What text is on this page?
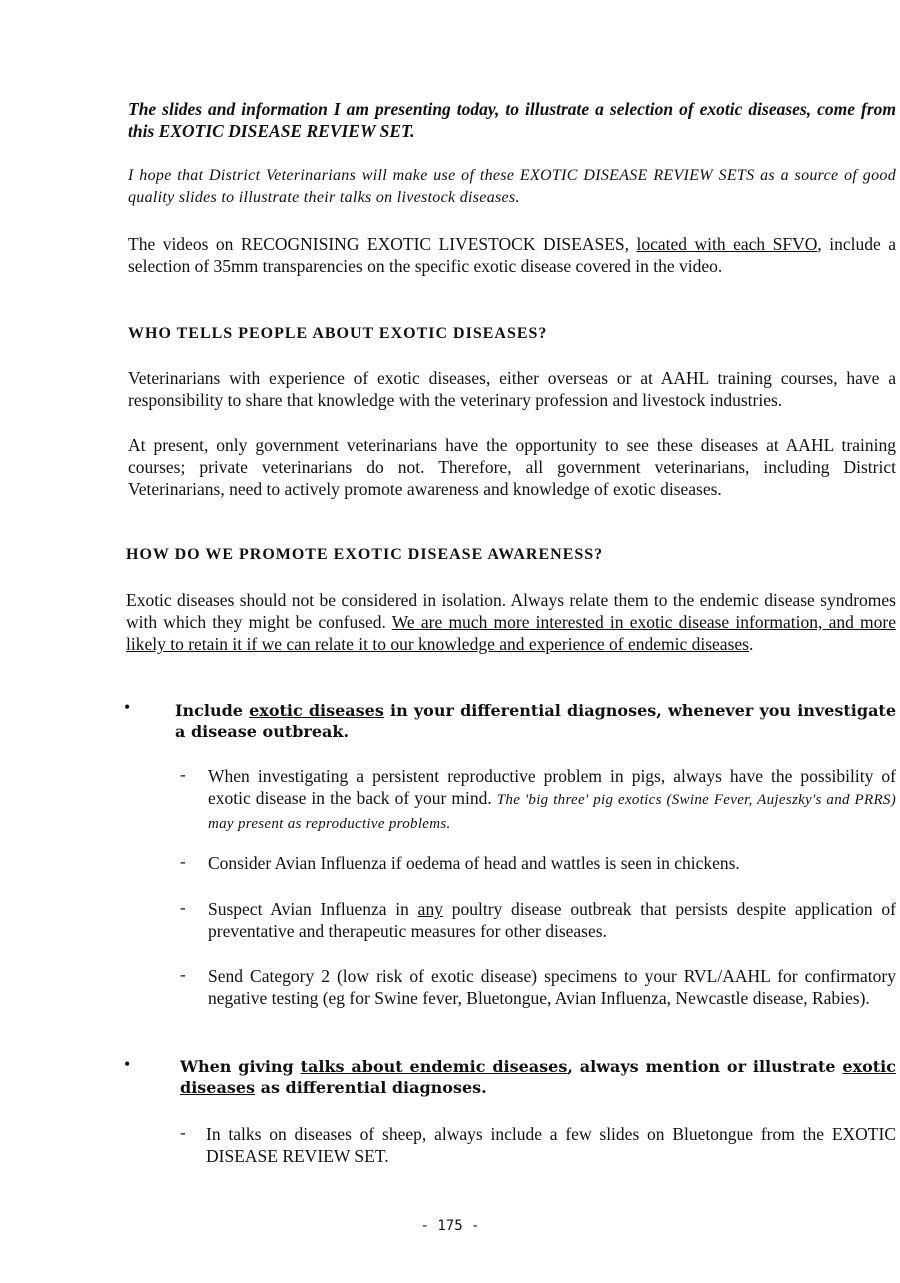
The slides and information I am presenting today, to illustrate a selection of exotic diseases, come from this EXOTIC DISEASE REVIEW SET.
I hope that District Veterinarians will make use of these EXOTIC DISEASE REVIEW SETS as a source of good quality slides to illustrate their talks on livestock diseases.
The videos on RECOGNISING EXOTIC LIVESTOCK DISEASES, located with each SFVO, include a selection of 35mm transparencies on the specific exotic disease covered in the video.
WHO TELLS PEOPLE ABOUT EXOTIC DISEASES?
Veterinarians with experience of exotic diseases, either overseas or at AAHL training courses, have a responsibility to share that knowledge with the veterinary profession and livestock industries.
At present, only government veterinarians have the opportunity to see these diseases at AAHL training courses; private veterinarians do not. Therefore, all government veterinarians, including District Veterinarians, need to actively promote awareness and knowledge of exotic diseases.
HOW DO WE PROMOTE EXOTIC DISEASE AWARENESS?
Exotic diseases should not be considered in isolation. Always relate them to the endemic disease syndromes with which they might be confused. We are much more interested in exotic disease information, and more likely to retain it if we can relate it to our knowledge and experience of endemic diseases.
•	Include exotic diseases in your differential diagnoses, whenever you investigate a disease outbreak.
- When investigating a persistent reproductive problem in pigs, always have the possibility of exotic disease in the back of your mind. The 'big three' pig exotics (Swine Fever, Aujeszky's and PRRS) may present as reproductive problems.
- Consider Avian Influenza if oedema of head and wattles is seen in chickens.
- Suspect Avian Influenza in any poultry disease outbreak that persists despite application of preventative and therapeutic measures for other diseases.
- Send Category 2 (low risk of exotic disease) specimens to your RVL/AAHL for confirmatory negative testing (eg for Swine fever, Bluetongue, Avian Influenza, Newcastle disease, Rabies).
•	When giving talks about endemic diseases, always mention or illustrate exotic diseases as differential diagnoses.
- In talks on diseases of sheep, always include a few slides on Bluetongue from the EXOTIC DISEASE REVIEW SET.
- 175 -
